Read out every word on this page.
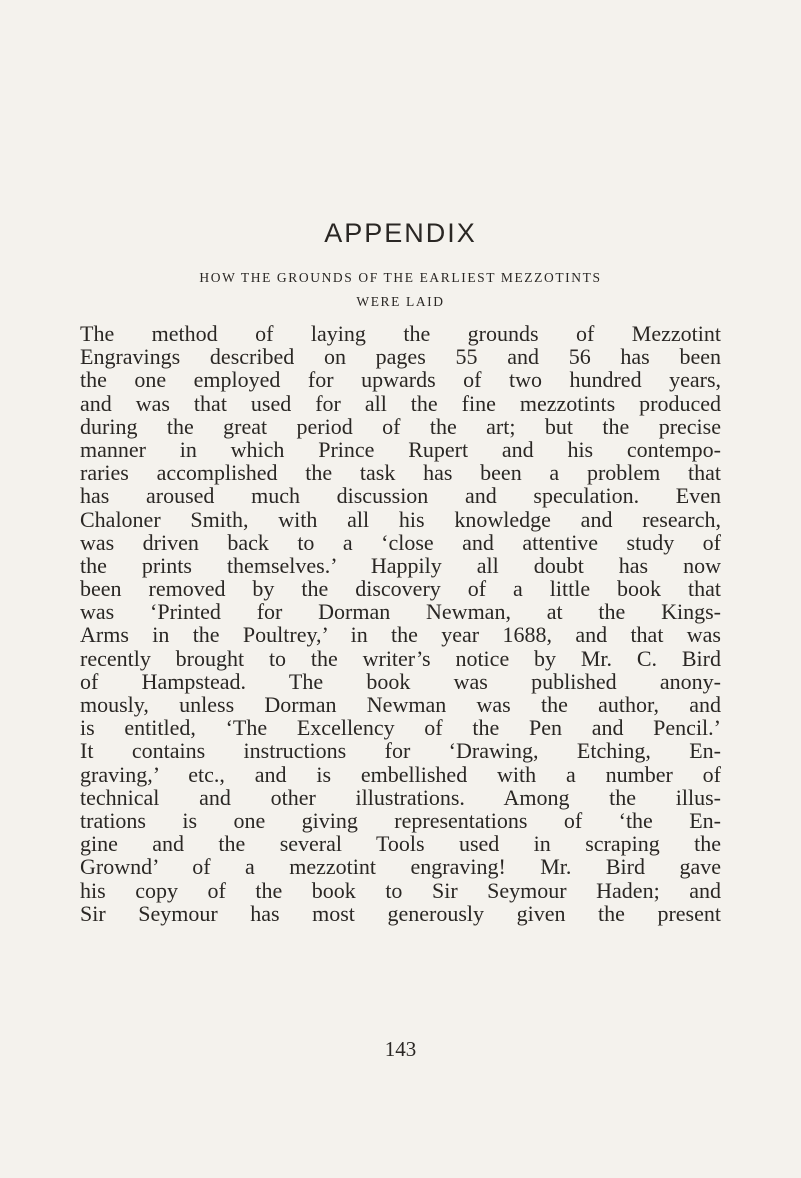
APPENDIX
HOW THE GROUNDS OF THE EARLIEST MEZZOTINTS
WERE LAID

The method of laying the grounds of Mezzotint
Engravings described on pages 55 and 56 has been
the one employed for upwards of two hundred years,
and was that used for all the fine mezzotints produced
during the great period of the art; but the precise
manner in which Prince Rupert and his contempo-
raries accomplished the task has been a problem that
has aroused much discussion and speculation. Even
Chaloner Smith, with all his knowledge and research,
was driven back to a ‘close and attentive study of
the prints themselves.’ Happily all doubt has now
been removed by the discovery of a little book that
was ‘Printed for Dorman Newman, at the Kings-
Arms in the Poultrey,’ in the year 1688, and that was
recently brought to the writer’s notice by Mr. C. Bird
of Hampstead. The book was published anony-
mously, unless Dorman Newman was the author, and
is entitled, ‘The Excellency of the Pen and Pencil.’
It contains instructions for ‘Drawing, Etching, En-
graving,’ etc., and is embellished with a number of
technical and other illustrations. Among the illus-
trations is one giving representations of ‘the En-
gine and the several Tools used in scraping the
Grownd’ of a mezzotint engraving! Mr. Bird gave
his copy of the book to Sir Seymour Haden; and
Sir Seymour has most generously given the present

143
